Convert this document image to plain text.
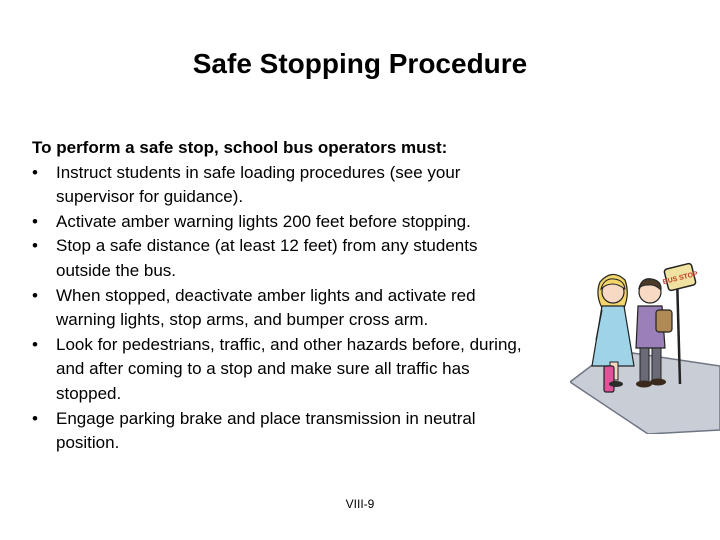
Safe Stopping Procedure

To perform a safe stop, school bus operators must:

• Instruct students in safe loading procedures (see your supervisor for guidance).
• Activate amber warning lights 200 feet before stopping.
• Stop a safe distance (at least 12 feet) from any students outside the bus.
• When stopped, deactivate amber lights and activate red warning lights, stop arms, and bumper cross arm.
• Look for pedestrians, traffic, and other hazards before, during, and after coming to a stop and make sure all traffic has stopped.
• Engage parking brake and place transmission in neutral position.
BUS STOP
VIII-9
